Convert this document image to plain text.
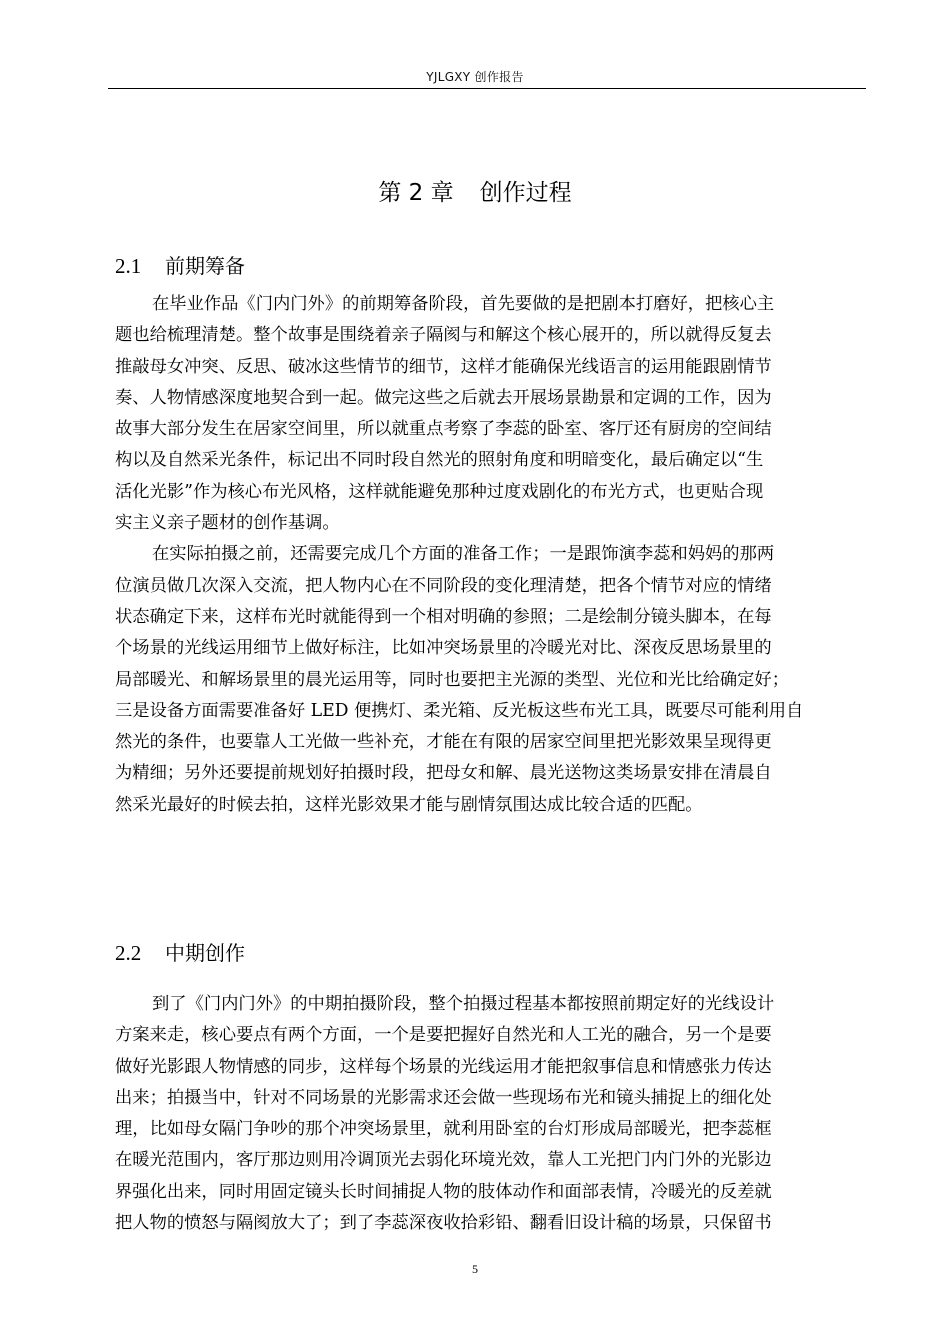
YJLGXY 创作报告
第 2 章 创作过程
2.1 前期筹备
在毕业作品《门内门外》的前期筹备阶段，首先要做的是把剧本打磨好，把核心主
题也给梳理清楚。整个故事是围绕着亲子隔阂与和解这个核心展开的，所以就得反复去
推敲母女冲突、反思、破冰这些情节的细节，这样才能确保光线语言的运用能跟剧情节
奏、人物情感深度地契合到一起。做完这些之后就去开展场景勘景和定调的工作，因为
故事大部分发生在居家空间里，所以就重点考察了李蕊的卧室、客厅还有厨房的空间结
构以及自然采光条件，标记出不同时段自然光的照射角度和明暗变化，最后确定以“生
活化光影”作为核心布光风格，这样就能避免那种过度戏剧化的布光方式，也更贴合现
实主义亲子题材的创作基调。
在实际拍摄之前，还需要完成几个方面的准备工作；一是跟饰演李蕊和妈妈的那两
位演员做几次深入交流，把人物内心在不同阶段的变化理清楚，把各个情节对应的情绪
状态确定下来，这样布光时就能得到一个相对明确的参照；二是绘制分镜头脚本，在每
个场景的光线运用细节上做好标注，比如冲突场景里的冷暖光对比、深夜反思场景里的
局部暖光、和解场景里的晨光运用等，同时也要把主光源的类型、光位和光比给确定好；
三是设备方面需要准备好 LED 便携灯、柔光箱、反光板这些布光工具，既要尽可能利用自
然光的条件，也要靠人工光做一些补充，才能在有限的居家空间里把光影效果呈现得更
为精细；另外还要提前规划好拍摄时段，把母女和解、晨光送物这类场景安排在清晨自
然采光最好的时候去拍，这样光影效果才能与剧情氛围达成比较合适的匹配。
2.2 中期创作
到了《门内门外》的中期拍摄阶段，整个拍摄过程基本都按照前期定好的光线设计
方案来走，核心要点有两个方面，一个是要把握好自然光和人工光的融合，另一个是要
做好光影跟人物情感的同步，这样每个场景的光线运用才能把叙事信息和情感张力传达
出来；拍摄当中，针对不同场景的光影需求还会做一些现场布光和镜头捕捉上的细化处
理，比如母女隔门争吵的那个冲突场景里，就利用卧室的台灯形成局部暖光，把李蕊框
在暖光范围内，客厅那边则用冷调顶光去弱化环境光效，靠人工光把门内门外的光影边
界强化出来，同时用固定镜头长时间捕捉人物的肢体动作和面部表情，冷暖光的反差就
把人物的愤怒与隔阂放大了；到了李蕊深夜收拾彩铅、翻看旧设计稿的场景，只保留书
5
